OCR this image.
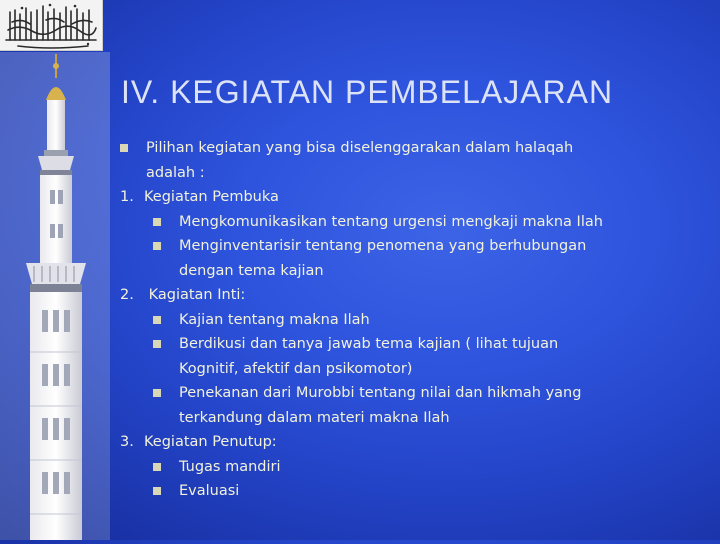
IV. KEGIATAN PEMBELAJARAN
Pilihan kegiatan yang bisa diselenggarakan dalam halaqah
adalah :
1. Kegiatan Pembuka
Mengkomunikasikan tentang urgensi mengkaji makna Ilah
Menginventarisir tentang penomena yang berhubungan
dengan tema kajian
2. Kagiatan Inti:
Kajian tentang makna Ilah
Berdikusi dan tanya jawab tema kajian ( lihat tujuan
Kognitif, afektif dan psikomotor)
Penekanan dari Murobbi tentang nilai dan hikmah yang
terkandung dalam materi makna Ilah
3. Kegiatan Penutup:
Tugas mandiri
Evaluasi
